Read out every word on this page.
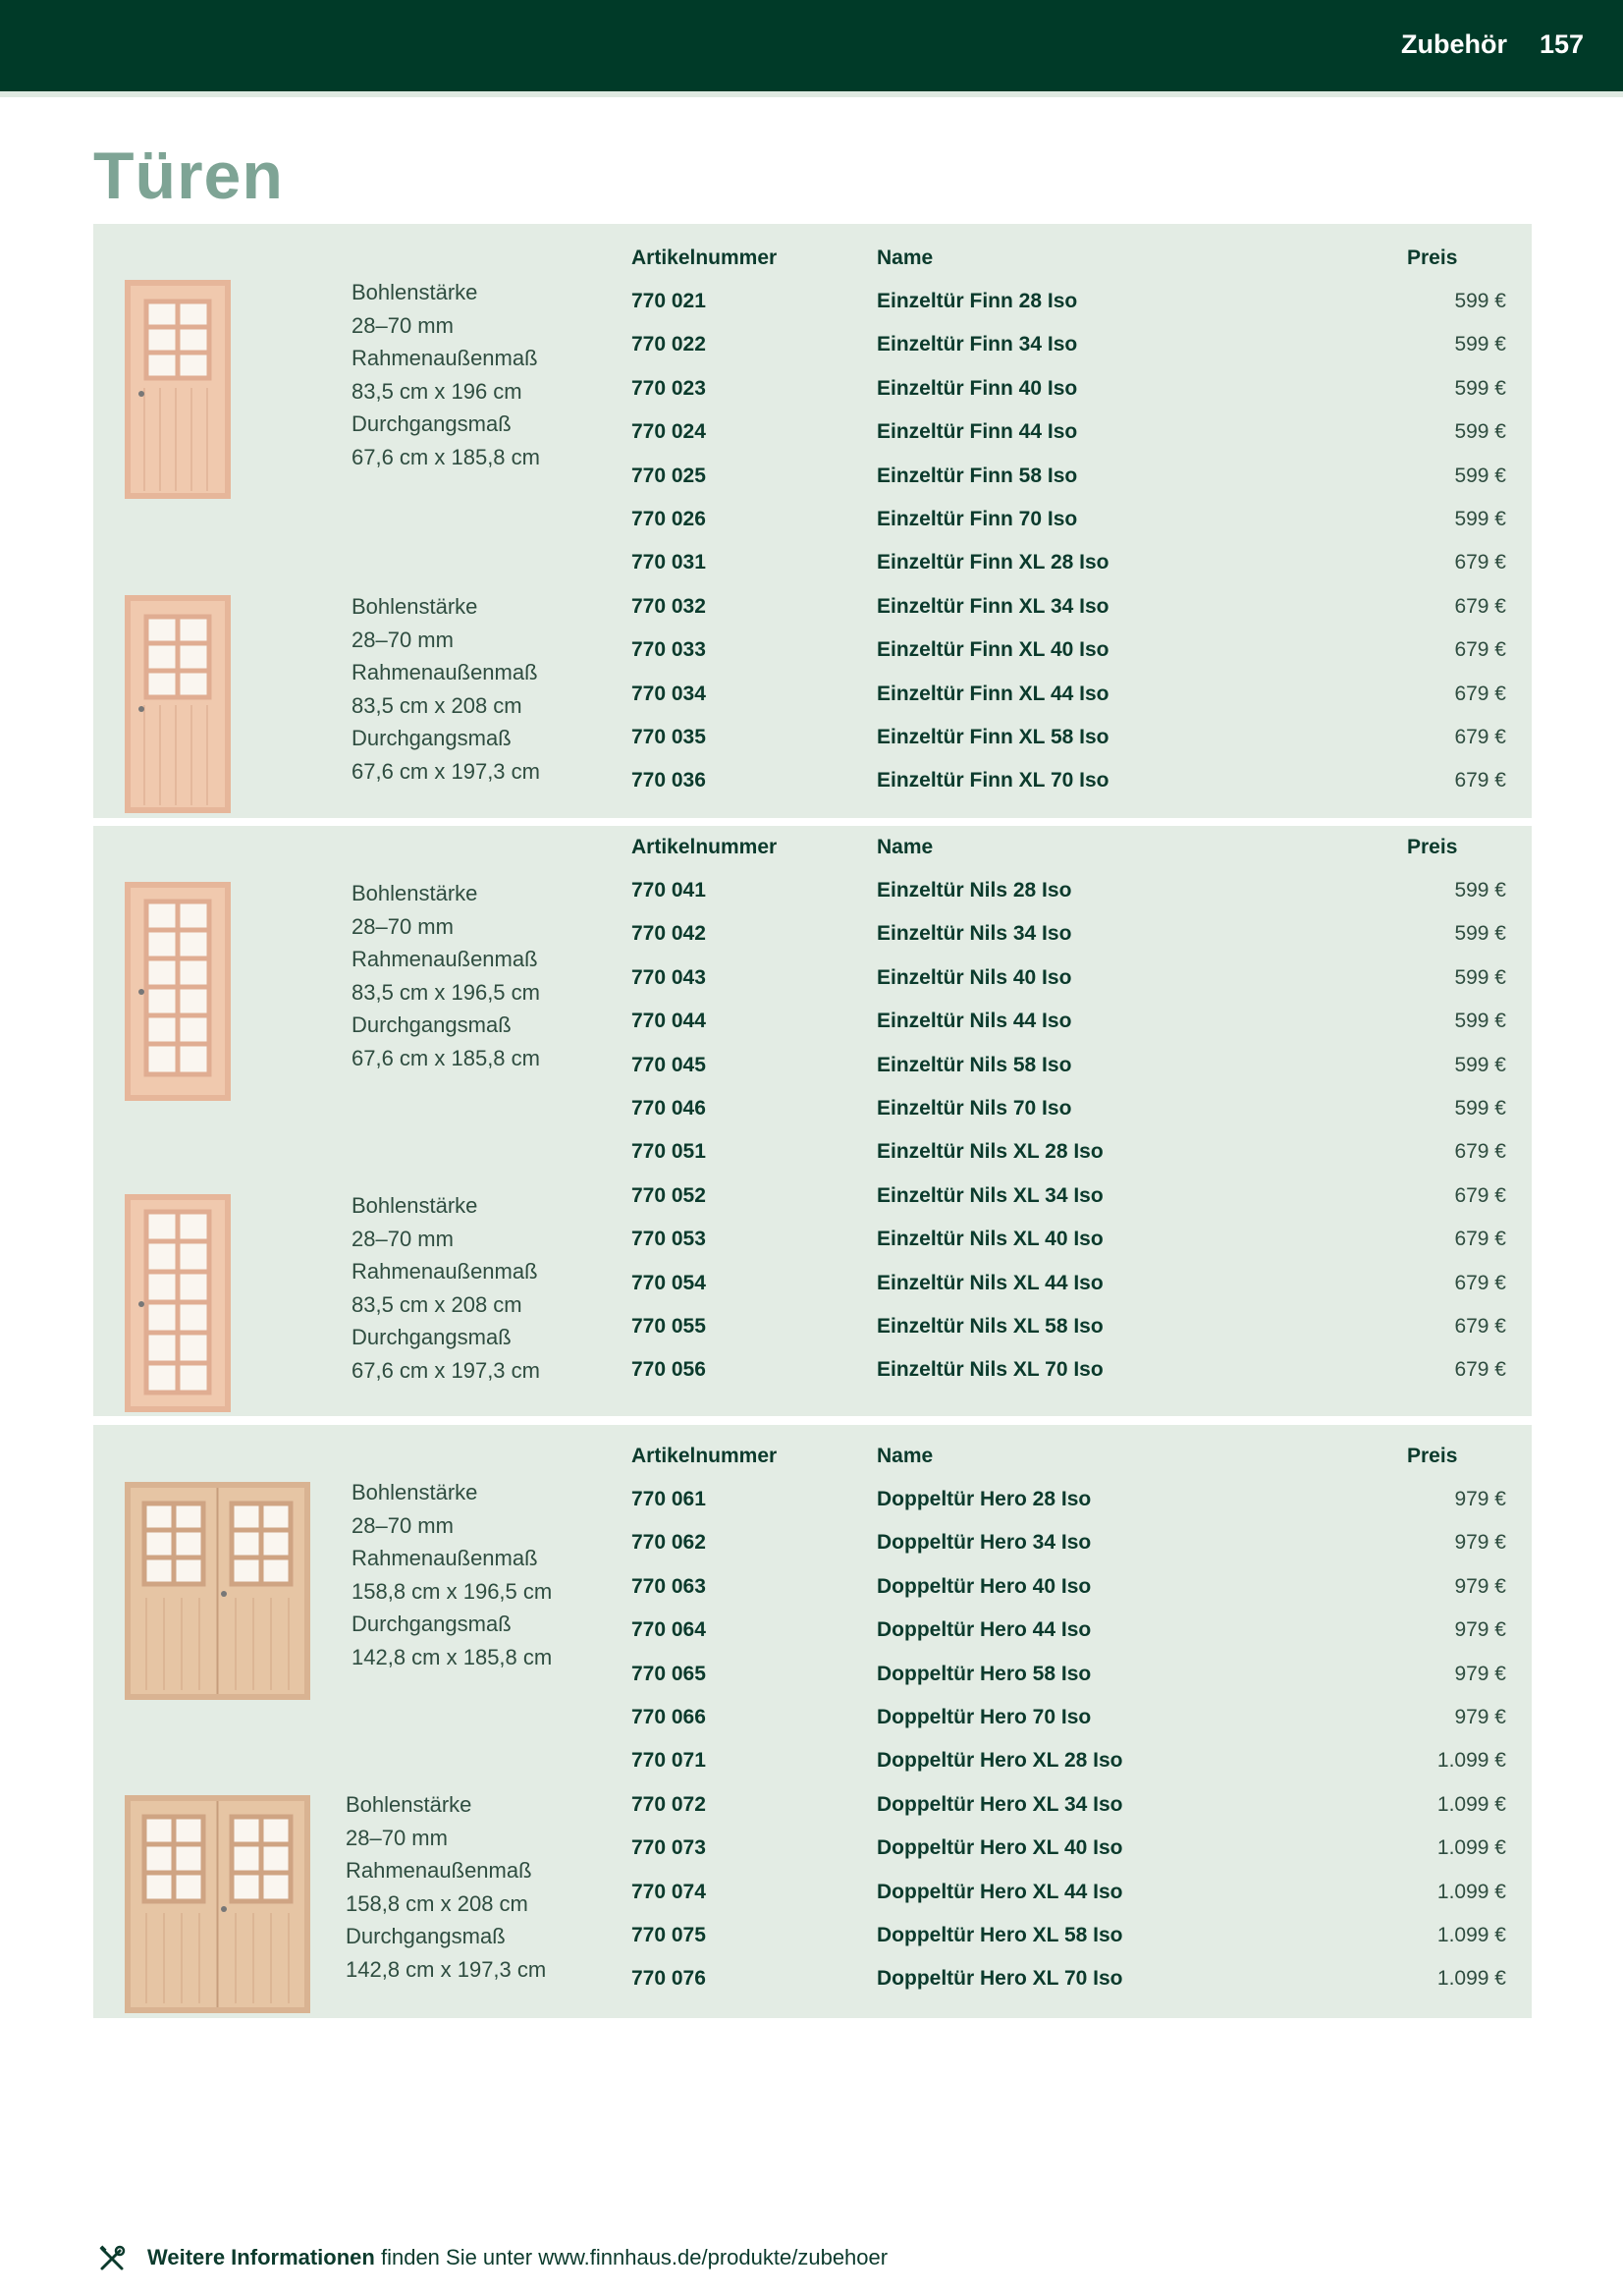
Zubehör 157
Türen
Bohlenstärke
28–70 mm
Rahmenaußenmaß
83,5 cm x 196 cm
Durchgangsmaß
67,6 cm x 185,8 cm
Bohlenstärke
28–70 mm
Rahmenaußenmaß
83,5 cm x 208 cm
Durchgangsmaß
67,6 cm x 197,3 cm
Artikelnummer	Name	Preis
770 021	Einzeltür Finn 28 Iso	599 €
770 022	Einzeltür Finn 34 Iso	599 €
770 023	Einzeltür Finn 40 Iso	599 €
770 024	Einzeltür Finn 44 Iso	599 €
770 025	Einzeltür Finn 58 Iso	599 €
770 026	Einzeltür Finn 70 Iso	599 €
770 031	Einzeltür Finn XL 28 Iso	679 €
770 032	Einzeltür Finn XL 34 Iso	679 €
770 033	Einzeltür Finn XL 40 Iso	679 €
770 034	Einzeltür Finn XL 44 Iso	679 €
770 035	Einzeltür Finn XL 58 Iso	679 €
770 036	Einzeltür Finn XL 70 Iso	679 €
Bohlenstärke
28–70 mm
Rahmenaußenmaß
83,5 cm x 196,5 cm
Durchgangsmaß
67,6 cm x 185,8 cm
Bohlenstärke
28–70 mm
Rahmenaußenmaß
83,5 cm x 208 cm
Durchgangsmaß
67,6 cm x 197,3 cm
Artikelnummer	Name	Preis
770 041	Einzeltür Nils 28 Iso	599 €
770 042	Einzeltür Nils 34 Iso	599 €
770 043	Einzeltür Nils 40 Iso	599 €
770 044	Einzeltür Nils 44 Iso	599 €
770 045	Einzeltür Nils 58 Iso	599 €
770 046	Einzeltür Nils 70 Iso	599 €
770 051	Einzeltür Nils XL 28 Iso	679 €
770 052	Einzeltür Nils XL 34 Iso	679 €
770 053	Einzeltür Nils XL 40 Iso	679 €
770 054	Einzeltür Nils XL 44 Iso	679 €
770 055	Einzeltür Nils XL 58 Iso	679 €
770 056	Einzeltür Nils XL 70 Iso	679 €
Bohlenstärke
28–70 mm
Rahmenaußenmaß
158,8 cm x 196,5 cm
Durchgangsmaß
142,8 cm x 185,8 cm
Bohlenstärke
28–70 mm
Rahmenaußenmaß
158,8 cm x 208 cm
Durchgangsmaß
142,8 cm x 197,3 cm
Artikelnummer	Name	Preis
770 061	Doppeltür Hero 28 Iso	979 €
770 062	Doppeltür Hero 34 Iso	979 €
770 063	Doppeltür Hero 40 Iso	979 €
770 064	Doppeltür Hero 44 Iso	979 €
770 065	Doppeltür Hero 58 Iso	979 €
770 066	Doppeltür Hero 70 Iso	979 €
770 071	Doppeltür Hero XL 28 Iso	1.099 €
770 072	Doppeltür Hero XL 34 Iso	1.099 €
770 073	Doppeltür Hero XL 40 Iso	1.099 €
770 074	Doppeltür Hero XL 44 Iso	1.099 €
770 075	Doppeltür Hero XL 58 Iso	1.099 €
770 076	Doppeltür Hero XL 70 Iso	1.099 €
Weitere Informationen finden Sie unter www.finnhaus.de/produkte/zubehoer
